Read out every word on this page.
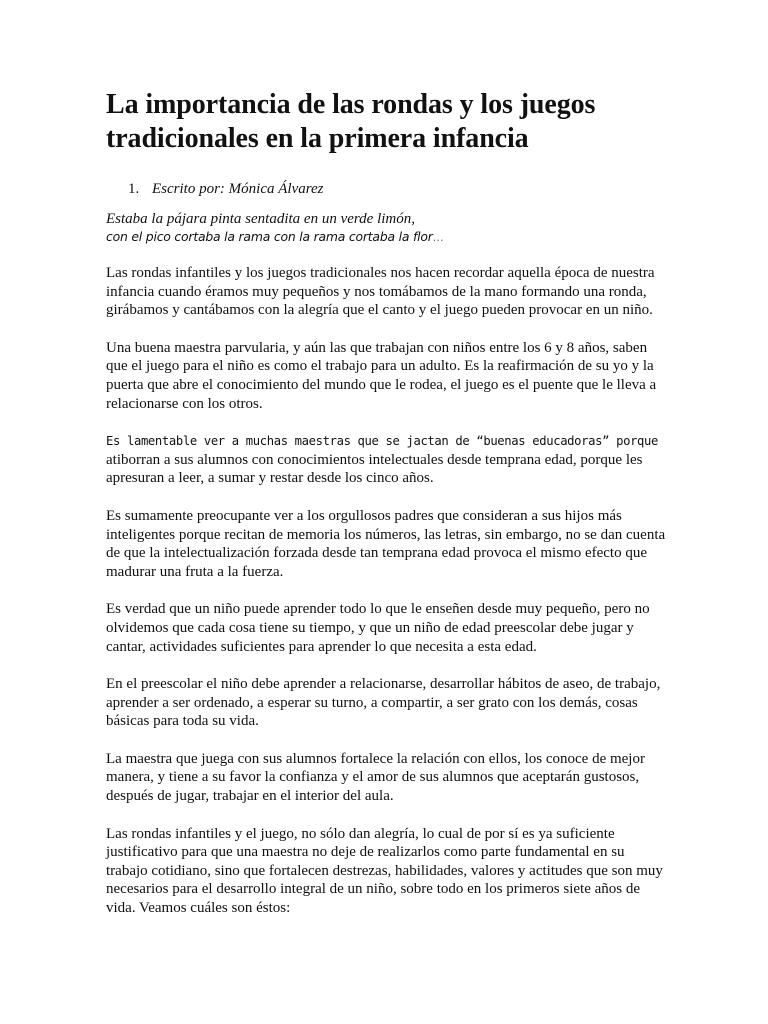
La importancia de las rondas y los juegos tradicionales en la primera infancia
1. Escrito por: Mónica Álvarez
Estaba la pájara pinta sentadita en un verde limón,
con el pico cortaba la rama con la rama cortaba la flor…

Las rondas infantiles y los juegos tradicionales nos hacen recordar aquella época de nuestra infancia cuando éramos muy pequeños y nos tomábamos de la mano formando una ronda, girábamos y cantábamos con la alegría que el canto y el juego pueden provocar en un niño.

Una buena maestra parvularia, y aún las que trabajan con niños entre los 6 y 8 años, saben que el juego para el niño es como el trabajo para un adulto. Es la reafirmación de su yo y la puerta que abre el conocimiento del mundo que le rodea, el juego es el puente que le lleva a relacionarse con los otros.

Es lamentable ver a muchas maestras que se jactan de “buenas educadoras” porque
atiborran a sus alumnos con conocimientos intelectuales desde temprana edad, porque les apresuran a leer, a sumar y restar desde los cinco años.

Es sumamente preocupante ver a los orgullosos padres que consideran a sus hijos más inteligentes porque recitan de memoria los números, las letras, sin embargo, no se dan cuenta de que la intelectualización forzada desde tan temprana edad provoca el mismo efecto que madurar una fruta a la fuerza.

Es verdad que un niño puede aprender todo lo que le enseñen desde muy pequeño, pero no olvidemos que cada cosa tiene su tiempo, y que un niño de edad preescolar debe jugar y cantar, actividades suficientes para aprender lo que necesita a esta edad.

En el preescolar el niño debe aprender a relacionarse, desarrollar hábitos de aseo, de trabajo, aprender a ser ordenado, a esperar su turno, a compartir, a ser grato con los demás, cosas básicas para toda su vida.

La maestra que juega con sus alumnos fortalece la relación con ellos, los conoce de mejor manera, y tiene a su favor la confianza y el amor de sus alumnos que aceptarán gustosos, después de jugar, trabajar en el interior del aula.

Las rondas infantiles y el juego, no sólo dan alegría, lo cual de por sí es ya suficiente justificativo para que una maestra no deje de realizarlos como parte fundamental en su trabajo cotidiano, sino que fortalecen destrezas, habilidades, valores y actitudes que son muy necesarios para el desarrollo integral de un niño, sobre todo en los primeros siete años de vida. Veamos cuáles son éstos:
